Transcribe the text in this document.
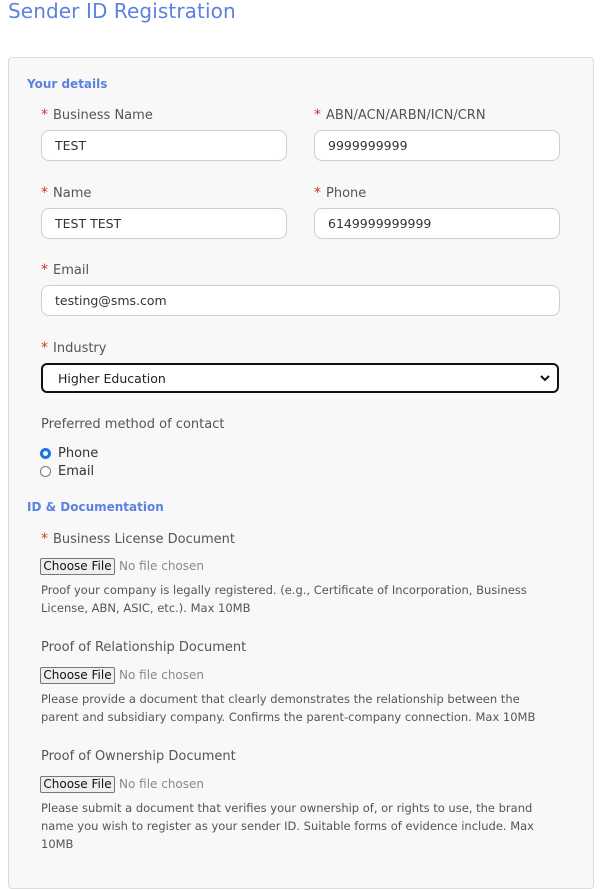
Sender ID Registration
Your details
* Business Name
TEST	* ABN/ACN/ARBN/ICN/CRN
9999999999
* Name
TEST TEST	* Phone
6149999999999
* Email
testing@sms.com
* Industry
Higher Education
Preferred method of contact
Phone
Email
ID & Documentation
* Business License Document
Choose File No file chosen
Proof your company is legally registered. (e.g., Certificate of Incorporation, Business License, ABN, ASIC, etc.). Max 10MB
Proof of Relationship Document
Choose File No file chosen
Please provide a document that clearly demonstrates the relationship between the parent and subsidiary company. Confirms the parent-company connection. Max 10MB
Proof of Ownership Document
Choose File No file chosen
Please submit a document that verifies your ownership of, or rights to use, the brand name you wish to register as your sender ID. Suitable forms of evidence include. Max 10MB
